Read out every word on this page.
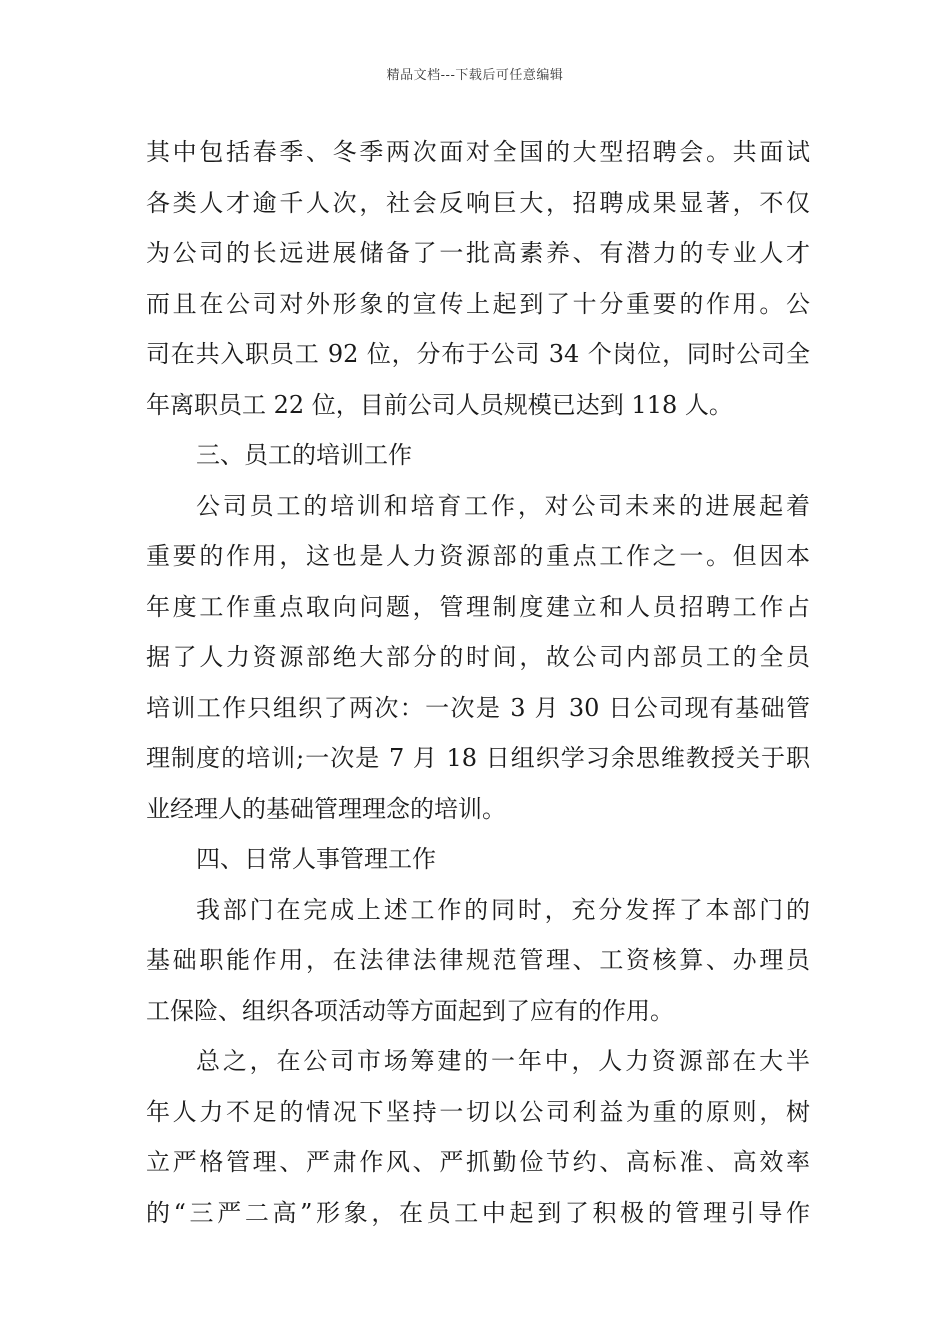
精品文档---下载后可任意编辑
其中包括春季、冬季两次面对全国的大型招聘会。共面试
各类人才逾千人次，社会反响巨大，招聘成果显著，不仅
为公司的长远进展储备了一批高素养、有潜力的专业人才
而且在公司对外形象的宣传上起到了十分重要的作用。公
司在共入职员工 92 位，分布于公司 34 个岗位，同时公司全
年离职员工 22 位，目前公司人员规模已达到 118 人。
三、员工的培训工作
公司员工的培训和培育工作，对公司未来的进展起着
重要的作用，这也是人力资源部的重点工作之一。但因本
年度工作重点取向问题，管理制度建立和人员招聘工作占
据了人力资源部绝大部分的时间，故公司内部员工的全员
培训工作只组织了两次：一次是 3 月 30 日公司现有基础管
理制度的培训;一次是 7 月 18 日组织学习余思维教授关于职
业经理人的基础管理理念的培训。
四、日常人事管理工作
我部门在完成上述工作的同时，充分发挥了本部门的
基础职能作用，在法律法律规范管理、工资核算、办理员
工保险、组织各项活动等方面起到了应有的作用。
总之，在公司市场筹建的一年中，人力资源部在大半
年人力不足的情况下坚持一切以公司利益为重的原则，树
立严格管理、严肃作风、严抓勤俭节约、高标准、高效率
的“三严二高”形象，在员工中起到了积极的管理引导作
